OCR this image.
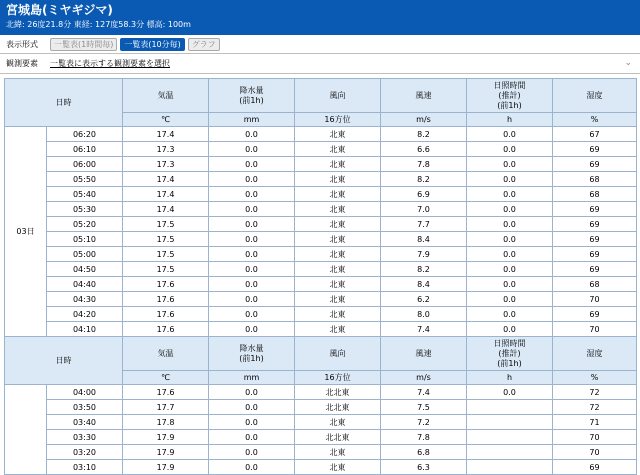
宮城島(ミヤギジマ)
北緯: 26度21.8分 東経: 127度58.3分 標高: 100m
表示形式	一覧表(1時間毎)	一覧表(10分毎)	グラフ
観測要素	一覧表に表示する観測要素を選択	⌄
日時		気温	降水量
(前1h)	風向	風速	日照時間
(推計)
(前1h)	湿度
		℃	mm	16方位	m/s	h	%
03日	06:20	17.4	0.0	北東	8.2	0.0	67
	06:10	17.3	0.0	北東	6.6	0.0	69
	06:00	17.3	0.0	北東	7.8	0.0	69
	05:50	17.4	0.0	北東	8.2	0.0	68
	05:40	17.4	0.0	北東	6.9	0.0	68
	05:30	17.4	0.0	北東	7.0	0.0	69
	05:20	17.5	0.0	北東	7.7	0.0	69
	05:10	17.5	0.0	北東	8.4	0.0	69
	05:00	17.5	0.0	北東	7.9	0.0	69
	04:50	17.5	0.0	北東	8.2	0.0	69
	04:40	17.6	0.0	北東	8.4	0.0	68
	04:30	17.6	0.0	北東	6.2	0.0	70
	04:20	17.6	0.0	北東	8.0	0.0	69
	04:10	17.6	0.0	北東	7.4	0.0	70
日時		気温	降水量
(前1h)	風向	風速	日照時間
(推計)
(前1h)	湿度
		℃	mm	16方位	m/s	h	%
	04:00	17.6	0.0	北北東	7.4	0.0	72
	03:50	17.7	0.0	北北東	7.5		72
	03:40	17.8	0.0	北東	7.2		71
	03:30	17.9	0.0	北北東	7.8		70
	03:20	17.9	0.0	北東	6.8		70
	03:10	17.9	0.0	北東	6.3		69
